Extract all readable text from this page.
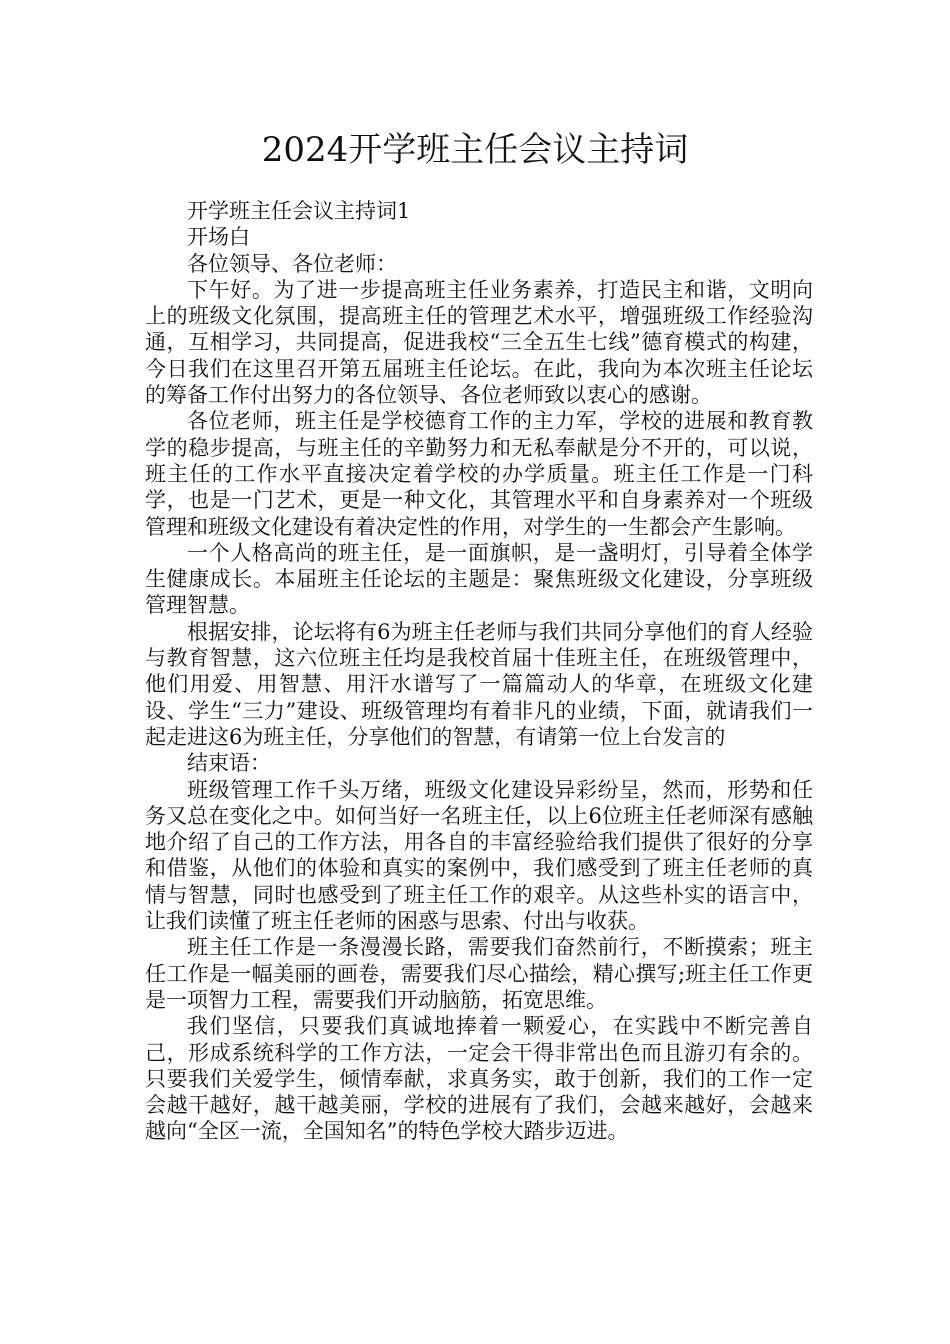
2024开学班主任会议主持词

开学班主任会议主持词1

开场白

各位领导、各位老师：

下午好。为了进一步提高班主任业务素养，打造民主和谐，文明向上的班级文化氛围，提高班主任的管理艺术水平，增强班级工作经验沟通，互相学习，共同提高，促进我校“三全五生七线”德育模式的构建，今日我们在这里召开第五届班主任论坛。在此，我向为本次班主任论坛的筹备工作付出努力的各位领导、各位老师致以衷心的感谢。

各位老师，班主任是学校德育工作的主力军，学校的进展和教育教学的稳步提高，与班主任的辛勤努力和无私奉献是分不开的，可以说，班主任的工作水平直接决定着学校的办学质量。班主任工作是一门科学，也是一门艺术，更是一种文化，其管理水平和自身素养对一个班级管理和班级文化建设有着决定性的作用，对学生的一生都会产生影响。

一个人格高尚的班主任，是一面旗帜，是一盏明灯，引导着全体学生健康成长。本届班主任论坛的主题是：聚焦班级文化建设，分享班级管理智慧。

根据安排，论坛将有6为班主任老师与我们共同分享他们的育人经验与教育智慧，这六位班主任均是我校首届十佳班主任，在班级管理中，他们用爱、用智慧、用汗水谱写了一篇篇动人的华章，在班级文化建设、学生“三力”建设、班级管理均有着非凡的业绩，下面，就请我们一起走进这6为班主任，分享他们的智慧，有请第一位上台发言的

结束语：

班级管理工作千头万绪，班级文化建设异彩纷呈，然而，形势和任务又总在变化之中。如何当好一名班主任，以上6位班主任老师深有感触地介绍了自己的工作方法，用各自的丰富经验给我们提供了很好的分享和借鉴，从他们的体验和真实的案例中，我们感受到了班主任老师的真情与智慧，同时也感受到了班主任工作的艰辛。从这些朴实的语言中，让我们读懂了班主任老师的困惑与思索、付出与收获。

班主任工作是一条漫漫长路，需要我们奋然前行，不断摸索；班主任工作是一幅美丽的画卷，需要我们尽心描绘，精心撰写;班主任工作更是一项智力工程，需要我们开动脑筋，拓宽思维。

我们坚信，只要我们真诚地捧着一颗爱心，在实践中不断完善自己，形成系统科学的工作方法，一定会干得非常出色而且游刃有余的。只要我们关爱学生，倾情奉献，求真务实，敢于创新，我们的工作一定会越干越好，越干越美丽，学校的进展有了我们，会越来越好，会越来越向“全区一流，全国知名”的特色学校大踏步迈进。
